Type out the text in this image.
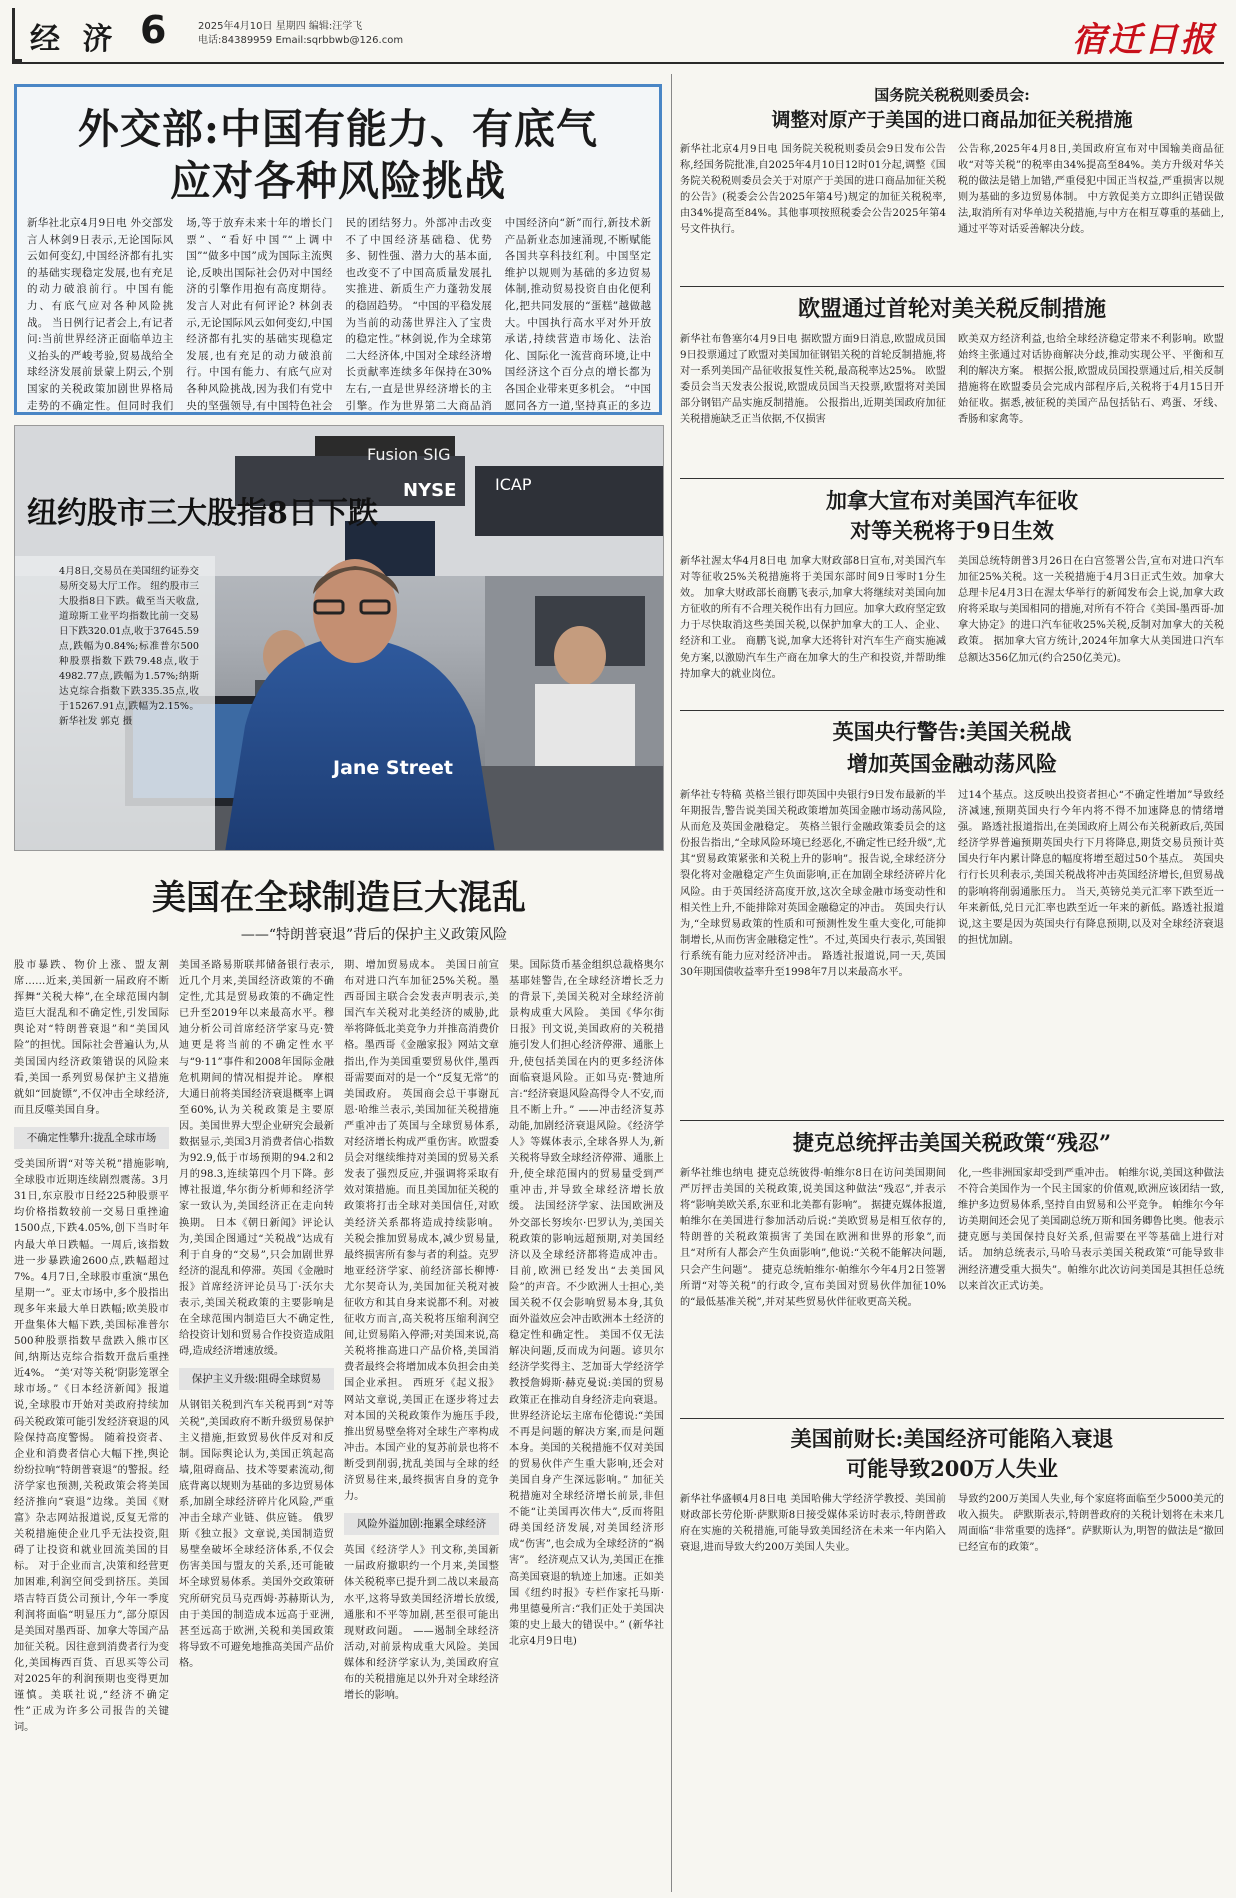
经 济 6	2025年4月10日 星期四 编辑:汪学飞
电话:84389959 Email:sqrbbwb@126.com	宿迁日报
外交部:中国有能力、有底气
应对各种风险挑战
新华社北京4月9日电 外交部发言人林剑9日表示,无论国际风云如何变幻,中国经济都有扎实的基础实现稳定发展,也有充足的动力破浪前行。中国有能力、有底气应对各种风险挑战。 当日例行记者会上,有记者问:当前世界经济正面临单边主义抬头的严峻考验,贸易战给全球经济发展前景蒙上阴云,个别国家的关税政策加剧世界格局走势的不确定性。但同时我们
场,等于放弃未来十年的增长门票”、“看好中国”“上调中国”“做多中国”成为国际主流舆论,反映出国际社会仍对中国经济的引擎作用抱有高度期待。发言人对此有何评论? 林剑表示,无论国际风云如何变幻,中国经济都有扎实的基础实现稳定发展,也有充足的动力破浪前行。中国有能力、有底气应对各种风险挑战,因为我们有党中央的坚强领导,有中国特色社会
民的团结努力。外部冲击改变不了中国经济基础稳、优势多、韧性强、潜力大的基本面,也改变不了中国高质量发展扎实推进、新质生产力蓬勃发展的稳固趋势。 “中国的平稳发展为当前的动荡世界注入了宝贵的稳定性。”林剑说,作为全球第二大经济体,中国对全球经济增长贡献率连续多年保持在30%左右,一直是世界经济增长的主引擎。作为世界第二大商品消
中国经济向“新”而行,新技术新产品新业态加速涌现,不断赋能各国共享科技红利。中国坚定维护以规则为基础的多边贸易体制,推动贸易投资自由化便利化,把共同发展的“蛋糕”越做越大。中国执行高水平对外开放承诺,持续营造市场化、法治化、国际化一流营商环境,让中国经济这个百分点的增长都为各国企业带来更多机会。 “中国愿同各方一道,坚持真正的多边
Fusion SIG
NYSE ICAP
Jane Street
纽约股市三大股指8日下跌
4月8日,交易员在美国纽约证券交易所交易大厅工作。 纽约股市三大股指8日下跌。截至当天收盘,道琼斯工业平均指数比前一交易日下跌320.01点,收于37645.59点,跌幅为0.84%;标准普尔500种股票指数下跌79.48点,收于4982.77点,跌幅为1.57%;纳斯达克综合指数下跌335.35点,收于15267.91点,跌幅为2.15%。 新华社发 郭克 摄
美国在全球制造巨大混乱
——“特朗普衰退”背后的保护主义政策风险
股市暴跌、物价上涨、盟友割席……近来,美国新一届政府不断挥舞“关税大棒”,在全球范围内制造巨大混乱和不确定性,引发国际舆论对“特朗普衰退”和“美国风险”的担忧。国际社会普遍认为,从美国国内经济政策错误的风险来看,美国一系列贸易保护主义措施就如“回旋镖”,不仅冲击全球经济,而且反噬美国自身。
不确定性攀升:拢乱全球市场
受美国所谓“对等关税”措施影响,全球股市近期连续剧烈震荡。3月31日,东京股市日经225种股票平均价格指数较前一交易日重挫逾1500点,下跌4.05%,创下当时年内最大单日跌幅。一周后,该指数进一步暴跌逾2600点,跌幅超过7%。4月7日,全球股市重演“黑色星期一”。亚太市场中,多个股指出现多年来最大单日跌幅;欧美股市开盘集体大幅下跌,美国标准普尔500种股票指数早盘跌入熊市区间,纳斯达克综合指数开盘后重挫近4%。 “美‘对等关税’阴影笼罩全球市场。”《日本经济新闻》报道说,全球股市开始对美政府持续加码关税政策可能引发经济衰退的风险保持高度警惕。 随着投资者、企业和消费者信心大幅下挫,舆论纷纷拉响“特朗普衰退”的警报。经济学家也预测,关税政策会将美国经济推向“衰退”边缘。美国《财富》杂志网站报道说,反复无常的关税措施使企业几乎无法投资,阻碍了让投资和就业回流美国的目标。 对于企业而言,决策和经营更加困难,利润空间受到挤压。美国塔吉特百货公司预计,今年一季度利润将面临“明显压力”,部分原因是美国对墨西哥、加拿大等国产品加征关税。因往意到消费者行为变化,美国梅西百货、百思买等公司对2025年的利润预期也变得更加谨慎。美联社说,“经济不确定性”正成为许多公司报告的关键词。
美国圣路易斯联邦储备银行表示,近几个月来,美国经济政策的不确定性,尤其是贸易政策的不确定性已升至2019年以来最高水平。穆迪分析公司首席经济学家马克·赞迪更是将当前的不确定性水平与“9·11”事件和2008年国际金融危机期间的情况相提并论。 摩根大通日前将美国经济衰退概率上调至60%,认为关税政策是主要原因。美国世界大型企业研究会最新数据显示,美国3月消费者信心指数为92.9,低于市场预期的94.2和2月的98.3,连续第四个月下降。彭博社报道,华尔街分析师和经济学家一致认为,美国经济正在走向转换期。 日本《朝日新闻》评论认为,美国企图通过“关税战”达成有利于自身的“交易”,只会加剧世界经济的混乱和停滞。英国《金融时报》首席经济评论员马丁·沃尔夫表示,美国关税政策的主要影响是在全球范围内制造巨大不确定性,给投资计划和贸易合作投资造成阻碍,造成经济增速放缓。
保护主义升级:阻碍全球贸易
从钢铝关税到汽车关税再到“对等关税”,美国政府不断升级贸易保护主义措施,拒致贸易伙伴反对和反制。国际舆论认为,美国正筑起高墙,阻碍商品、技术等要素流动,彻底背离以规则为基础的多边贸易体系,加剧全球经济碎片化风险,严重冲击全球产业链、供应链。 俄罗斯《独立报》文章说,美国制造贸易壁垒破坏全球经济体系,不仅会伤害美国与盟友的关系,还可能破坏全球贸易体系。美国外交政策研究所研究员马克西姆·苏赫斯认为,由于美国的制造成本远高于亚洲,甚至远高于欧洲,关税和美国政策将导致不可避免地推高美国产品价格。
期、增加贸易成本。 美国日前宣布对进口汽车加征25%关税。墨西哥国主联合会发表声明表示,美国汽车关税对北美经济的威胁,此举将降低北美竞争力并推高消费价格。墨西哥《金融家报》网站文章指出,作为美国重要贸易伙伴,墨西哥需要面对的是一个“反复无常”的美国政府。 英国商会总干事谢瓦恩·哈维兰表示,美国加征关税措施严重冲击了英国与全球贸易体系,对经济增长构成严重伤害。欧盟委员会对继续维持对美国的贸易关系发表了强烈反应,并强调将采取有效对策措施。而且美国加征关税的政策将打击全球对美国信任,对欧美经济关系都将造成持续影响。 关税会推加贸易成本,减少贸易量,最终损害所有参与者的利益。克罗地亚经济学家、前经济部长柳博·尤尔契奇认为,美国加征关税对被征收方和其自身来说都不利。对被征收方而言,高关税将压缩利润空间,让贸易陷入停滞;对美国来说,高关税将推高进口产品价格,美国消费者最终会将增加成本负担会由美国企业承担。 西班牙《起义报》网站文章说,美国正在逐步将过去对本国的关税政策作为施压手段,推出贸易壁垒将对全球生产率构成冲击。本国产业的复苏前景也将不断受到削弱,扰乱美国与全球的经济贸易往来,最终损害自身的竞争力。
风险外溢加剧:拖累全球经济
英国《经济学人》刊文称,美国新一届政府撤职约一个月来,美国整体关税税率已提升到二战以来最高水平,这将导致美国经济增长放缓,通胀和不平等加剧,甚至很可能出现财政问题。 ——遏制全球经济活动,对前景构成重大风险。美国媒体和经济学家认为,美国政府宣布的关税措施足以外升对全球经济增长的影响。
果。国际货币基金组织总裁格奥尔基耶娃警告,在全球经济增长乏力的背景下,美国关税对全球经济前景构成重大风险。 美国《华尔街日报》刊文说,美国政府的关税措施引发人们担心经济停滞、通胀上升,使包括美国在内的更多经济体面临衰退风险。正如马克·赞迪所言:“经济衰退风险高得令人不安,而且不断上升。” ——冲击经济复苏动能,加剧经济衰退风险。《经济学人》等媒体表示,全球各界人为,新关税将导致全球经济停滞、通胀上升,使全球范围内的贸易量受到严重冲击,并导致全球经济增长放缓。 法国经济学家、法国欧洲及外交部长努埃尔·巴罗认为,美国关税政策的影响远超预期,对美国经济以及全球经济都将造成冲击。 目前,欧洲已经发出“去美国风险”的声音。不少欧洲人士担心,美国关税不仅会影响贸易本身,其负面外溢效应会冲击欧洲本土经济的稳定性和确定性。 美国不仅无法解决问题,反而成为问题。谚贝尔经济学奖得主、芝加哥大学经济学教授詹姆斯·赫克曼说:美国的贸易政策正在推动自身经济走向衰退。世界经济论坛主席布伦德说:“美国不再是问题的解决方案,而是问题本身。美国的关税措施不仅对美国的贸易伙伴产生重大影响,还会对美国自身产生深远影响。” 加征关税措施对全球经济增长前景,非但不能“让美国再次伟大”,反而将阻碍美国经济发展,对美国经济形成“伤害”,也会成为全球经济的“祸害”。 经济观点又认为,美国正在推高美国衰退的轨迹上加速。正如美国《纽约时报》专栏作家托马斯·弗里德曼所言:“我们正处于美国决策的史上最大的错误中。” (新华社北京4月9日电)
国务院关税税则委员会:
调整对原产于美国的进口商品加征关税措施
新华社北京4月9日电 国务院关税税则委员会9日发布公告称,经国务院批准,自2025年4月10日12时01分起,调整《国务院关税税则委员会关于对原产于美国的进口商品加征关税的公告》(税委会公告2025年第4号)规定的加征关税税率,由34%提高至84%。其他事项按照税委会公告2025年第4号文件执行。
公告称,2025年4月8日,美国政府宣布对中国输美商品征收“对等关税”的税率由34%提高至84%。美方升级对华关税的做法是错上加错,严重侵犯中国正当权益,严重损害以规则为基础的多边贸易体制。 中方敦促美方立即纠正错误做法,取消所有对华单边关税措施,与中方在相互尊重的基础上,通过平等对话妥善解决分歧。
欧盟通过首轮对美关税反制措施
新华社布鲁塞尔4月9日电 据欧盟方面9日消息,欧盟成员国9日投票通过了欧盟对美国加征钢铝关税的首轮反制措施,将对一系列美国产品征收报复性关税,最高税率达25%。 欧盟委员会当天发表公报说,欧盟成员国当天投票,欧盟将对美国部分钢铝产品实施反制措施。 公报指出,近期美国政府加征关税措施缺乏正当依据,不仅损害
欧美双方经济利益,也给全球经济稳定带来不利影响。欧盟始终主张通过对话协商解决分歧,推动实现公平、平衡和互利的解决方案。 根据公报,欧盟成员国投票通过后,相关反制措施将在欧盟委员会完成内部程序后,关税将于4月15日开始征收。据悉,被征税的美国产品包括钻石、鸡蛋、牙线、香肠和家禽等。
加拿大宣布对美国汽车征收
对等关税将于9日生效
新华社渥太华4月8日电 加拿大财政部8日宣布,对美国汽车对等征收25%关税措施将于美国东部时间9日零时1分生效。 加拿大财政部长商鹏飞表示,加拿大将继续对美国向加方征收的所有不合理关税作出有力回应。加拿大政府坚定致力于尽快取消这些美国关税,以保护加拿大的工人、企业、经济和工业。 商鹏飞说,加拿大还将针对汽车生产商实施减免方案,以激励汽车生产商在加拿大的生产和投资,并帮助维持加拿大的就业岗位。
美国总统特朗普3月26日在白宫签署公告,宣布对进口汽车加征25%关税。这一关税措施于4月3日正式生效。加拿大总理卡尼4月3日在渥太华举行的新闻发布会上说,加拿大政府将采取与美国相同的措施,对所有不符合《美国-墨西哥-加拿大协定》的进口汽车征收25%关税,反制对加拿大的关税政策。 据加拿大官方统计,2024年加拿大从美国进口汽车总额达356亿加元(约合250亿美元)。
英国央行警告:美国关税战
增加英国金融动荡风险
新华社专特稿 英格兰银行即英国中央银行9日发布最新的半年期报告,警告说美国关税政策增加英国金融市场动荡风险,从而危及英国金融稳定。 英格兰银行金融政策委员会的这份报告指出,“全球风险环境已经恶化,不确定性已经升级”,尤其“贸易政策紧张和关税上升的影响”。报告说,全球经济分裂化将对金融稳定产生负面影响,正在加剧全球经济碎片化风险。由于英国经济高度开放,这次全球金融市场变动性和相关性上升,不能排除对英国金融稳定的冲击。 英国央行认为,“全球贸易政策的性质和可预测性发生重大变化,可能抑制增长,从而伤害金融稳定性”。不过,英国央行表示,英国银行系统有能力应对经济冲击。 路透社报道说,同一天,英国30年期国债收益率升至1998年7月以来最高水平。
过14个基点。这反映出投资者担心“不确定性增加”导致经济减速,预期英国央行今年内将不得不加速降息的情绪增强。 路透社报道指出,在美国政府上周公布关税新政后,英国经济学界普遍预期英国央行下月将降息,期货交易员预计英国央行年内累计降息的幅度将增至超过50个基点。 英国央行行长贝利表示,美国关税战将冲击英国经济增长,但贸易战的影响将削弱通胀压力。 当天,英镑兑美元汇率下跌至近一年来新低,兑日元汇率也跌至近一年来的新低。路透社报道说,这主要是因为英国央行有降息预期,以及对全球经济衰退的担忧加剧。
捷克总统抨击美国关税政策“残忍”
新华社维也纳电 捷克总统彼得·帕维尔8日在访问美国期间严厉抨击美国的关税政策,说美国这种做法“残忍”,并表示将“影响美欧关系,东亚和北美都有影响”。 据捷克媒体报道,帕维尔在美国进行参加活动后说:“美欧贸易是相互依存的,特朗普的关税政策损害了美国在欧洲和世界的形象”,而且“对所有人都会产生负面影响”,他说:“关税不能解决问题,只会产生问题”。 捷克总统帕维尔·帕维尔今年4月2日签署所谓“对等关税”的行政令,宣布美国对贸易伙伴加征10%的“最低基准关税”,并对某些贸易伙伴征收更高关税。
化,一些非洲国家却受到严重冲击。 帕维尔说,美国这种做法不符合美国作为一个民主国家的价值观,欧洲应该团结一致,维护多边贸易体系,坚持自由贸易和公平竞争。 帕维尔今年访美期间还会见了美国副总统万斯和国务卿鲁比奥。他表示捷克愿与美国保持良好关系,但需要在平等基础上进行对话。 加纳总统表示,马哈马表示美国关税政策“可能导致非洲经济遭受重大损失”。帕维尔此次访问美国是其担任总统以来首次正式访美。
美国前财长:美国经济可能陷入衰退
可能导致200万人失业
新华社华盛顿4月8日电 美国哈佛大学经济学教授、美国前财政部长劳伦斯·萨默斯8日接受媒体采访时表示,特朗普政府在实施的关税措施,可能导致美国经济在未来一年内陷入衰退,进而导致大约200万美国人失业。
导致约200万美国人失业,每个家庭将面临至少5000美元的收入损失。 萨默斯表示,特朗普政府的关税计划将在未来几周面临“非常重要的选择”。萨默斯认为,明智的做法是“撤回已经宣布的政策”。
